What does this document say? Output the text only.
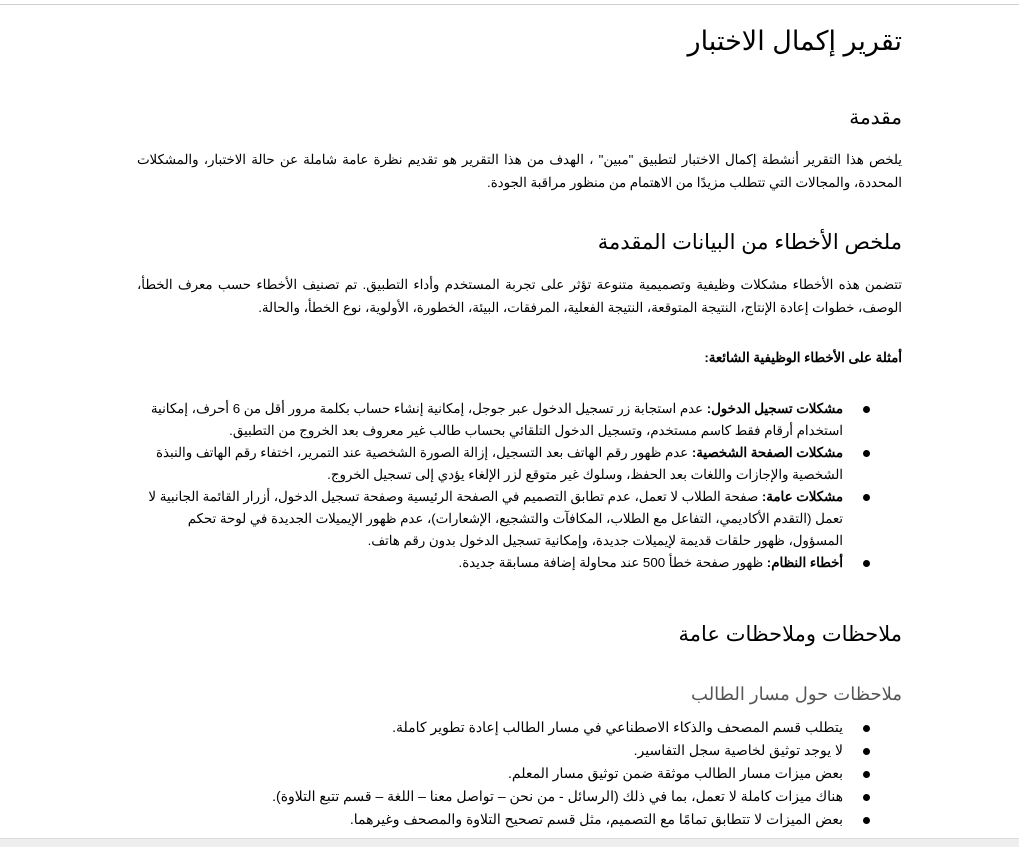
تقرير إكمال الاختبار
مقدمة

يلخص هذا التقرير أنشطة إكمال الاختبار لتطبيق "مبين" ، الهدف من هذا التقرير هو تقديم نظرة عامة شاملة عن حالة الاختبار، والمشكلات المحددة، والمجالات التي تتطلب مزيدًا من الاهتمام من منظور مراقبة الجودة.

ملخص الأخطاء من البيانات المقدمة

تتضمن هذه الأخطاء مشكلات وظيفية وتصميمية متنوعة تؤثر على تجربة المستخدم وأداء التطبيق. تم تصنيف الأخطاء حسب معرف الخطأ، الوصف، خطوات إعادة الإنتاج، النتيجة المتوقعة، النتيجة الفعلية، المرفقات، البيئة، الخطورة، الأولوية، نوع الخطأ، والحالة.

أمثلة على الأخطاء الوظيفية الشائعة:

مشكلات تسجيل الدخول: عدم استجابة زر تسجيل الدخول عبر جوجل، إمكانية إنشاء حساب بكلمة مرور أقل من 6 أحرف، إمكانية استخدام أرقام فقط كاسم مستخدم، وتسجيل الدخول التلقائي بحساب طالب غير معروف بعد الخروج من التطبيق.
مشكلات الصفحة الشخصية: عدم ظهور رقم الهاتف بعد التسجيل، إزالة الصورة الشخصية عند التمرير، اختفاء رقم الهاتف والنبذة الشخصية والإجازات واللغات بعد الحفظ، وسلوك غير متوقع لزر الإلغاء يؤدي إلى تسجيل الخروج.
مشكلات عامة: صفحة الطلاب لا تعمل، عدم تطابق التصميم في الصفحة الرئيسية وصفحة تسجيل الدخول، أزرار القائمة الجانبية لا تعمل (التقدم الأكاديمي، التفاعل مع الطلاب، المكافآت والتشجيع، الإشعارات)، عدم ظهور الإيميلات الجديدة في لوحة تحكم المسؤول، ظهور حلقات قديمة لإيميلات جديدة، وإمكانية تسجيل الدخول بدون رقم هاتف.
أخطاء النظام: ظهور صفحة خطأ 500 عند محاولة إضافة مسابقة جديدة.
ملاحظات وملاحظات عامة
ملاحظات حول مسار الطالب
يتطلب قسم المصحف والذكاء الاصطناعي في مسار الطالب إعادة تطوير كاملة.
لا يوجد توثيق لخاصية سجل التفاسير.
بعض ميزات مسار الطالب موثقة ضمن توثيق مسار المعلم.
هناك ميزات كاملة لا تعمل، بما في ذلك (الرسائل - من نحن – تواصل معنا – اللغة – قسم تتبع التلاوة).
بعض الميزات لا تتطابق تمامًا مع التصميم، مثل قسم تصحيح التلاوة والمصحف وغيرهما.
